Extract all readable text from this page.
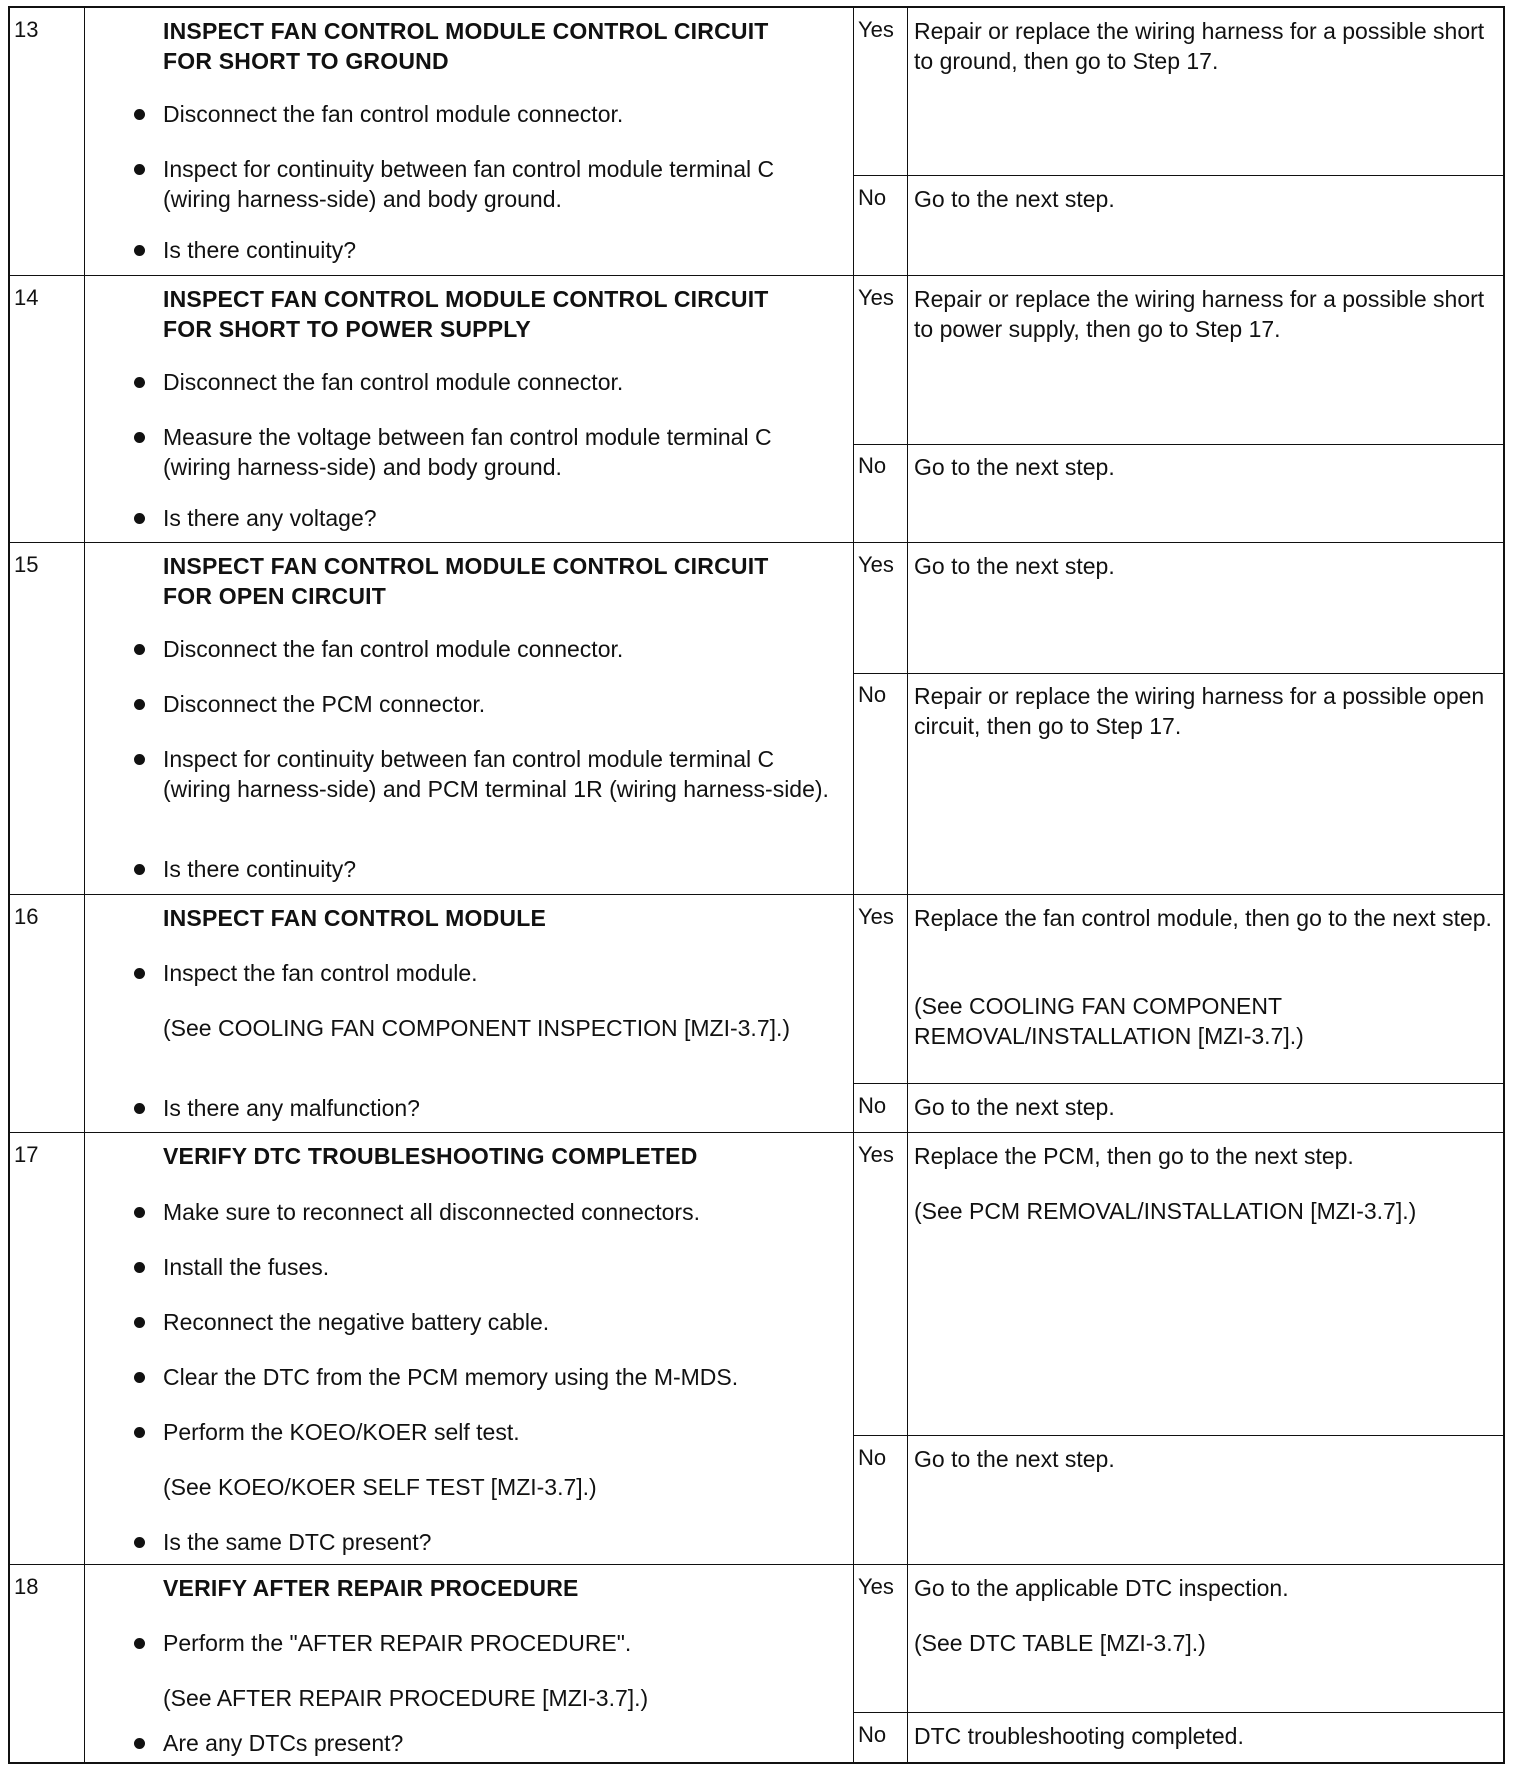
13	INSPECT FAN CONTROL MODULE CONTROL CIRCUIT
FOR SHORT TO GROUND
Disconnect the fan control module connector.
Inspect for continuity between fan control module terminal C (wiring harness-side) and body ground.
Is there continuity?
Yes Repair or replace the wiring harness for a possible short to ground, then go to Step 17.
No Go to the next step.
14	INSPECT FAN CONTROL MODULE CONTROL CIRCUIT
FOR SHORT TO POWER SUPPLY
Disconnect the fan control module connector.
Measure the voltage between fan control module terminal C (wiring harness-side) and body ground.
Is there any voltage?
Yes Repair or replace the wiring harness for a possible short to power supply, then go to Step 17.
No Go to the next step.
15	INSPECT FAN CONTROL MODULE CONTROL CIRCUIT
FOR OPEN CIRCUIT
Disconnect the fan control module connector.
Disconnect the PCM connector.
Inspect for continuity between fan control module terminal C (wiring harness-side) and PCM terminal 1R (wiring harness-side).
Is there continuity?
Yes Go to the next step.
No Repair or replace the wiring harness for a possible open circuit, then go to Step 17.
16	INSPECT FAN CONTROL MODULE
Inspect the fan control module.
(See COOLING FAN COMPONENT INSPECTION [MZI-3.7].)
Is there any malfunction?
Yes Replace the fan control module, then go to the next step.
(See COOLING FAN COMPONENT REMOVAL/INSTALLATION [MZI-3.7].)
No Go to the next step.
17	VERIFY DTC TROUBLESHOOTING COMPLETED
Make sure to reconnect all disconnected connectors.
Install the fuses.
Reconnect the negative battery cable.
Clear the DTC from the PCM memory using the M-MDS.
Perform the KOEO/KOER self test.
(See KOEO/KOER SELF TEST [MZI-3.7].)
Is the same DTC present?
Yes Replace the PCM, then go to the next step.
(See PCM REMOVAL/INSTALLATION [MZI-3.7].)
No Go to the next step.
18	VERIFY AFTER REPAIR PROCEDURE
Perform the "AFTER REPAIR PROCEDURE".
(See AFTER REPAIR PROCEDURE [MZI-3.7].)
Are any DTCs present?
Yes Go to the applicable DTC inspection.
(See DTC TABLE [MZI-3.7].)
No DTC troubleshooting completed.
